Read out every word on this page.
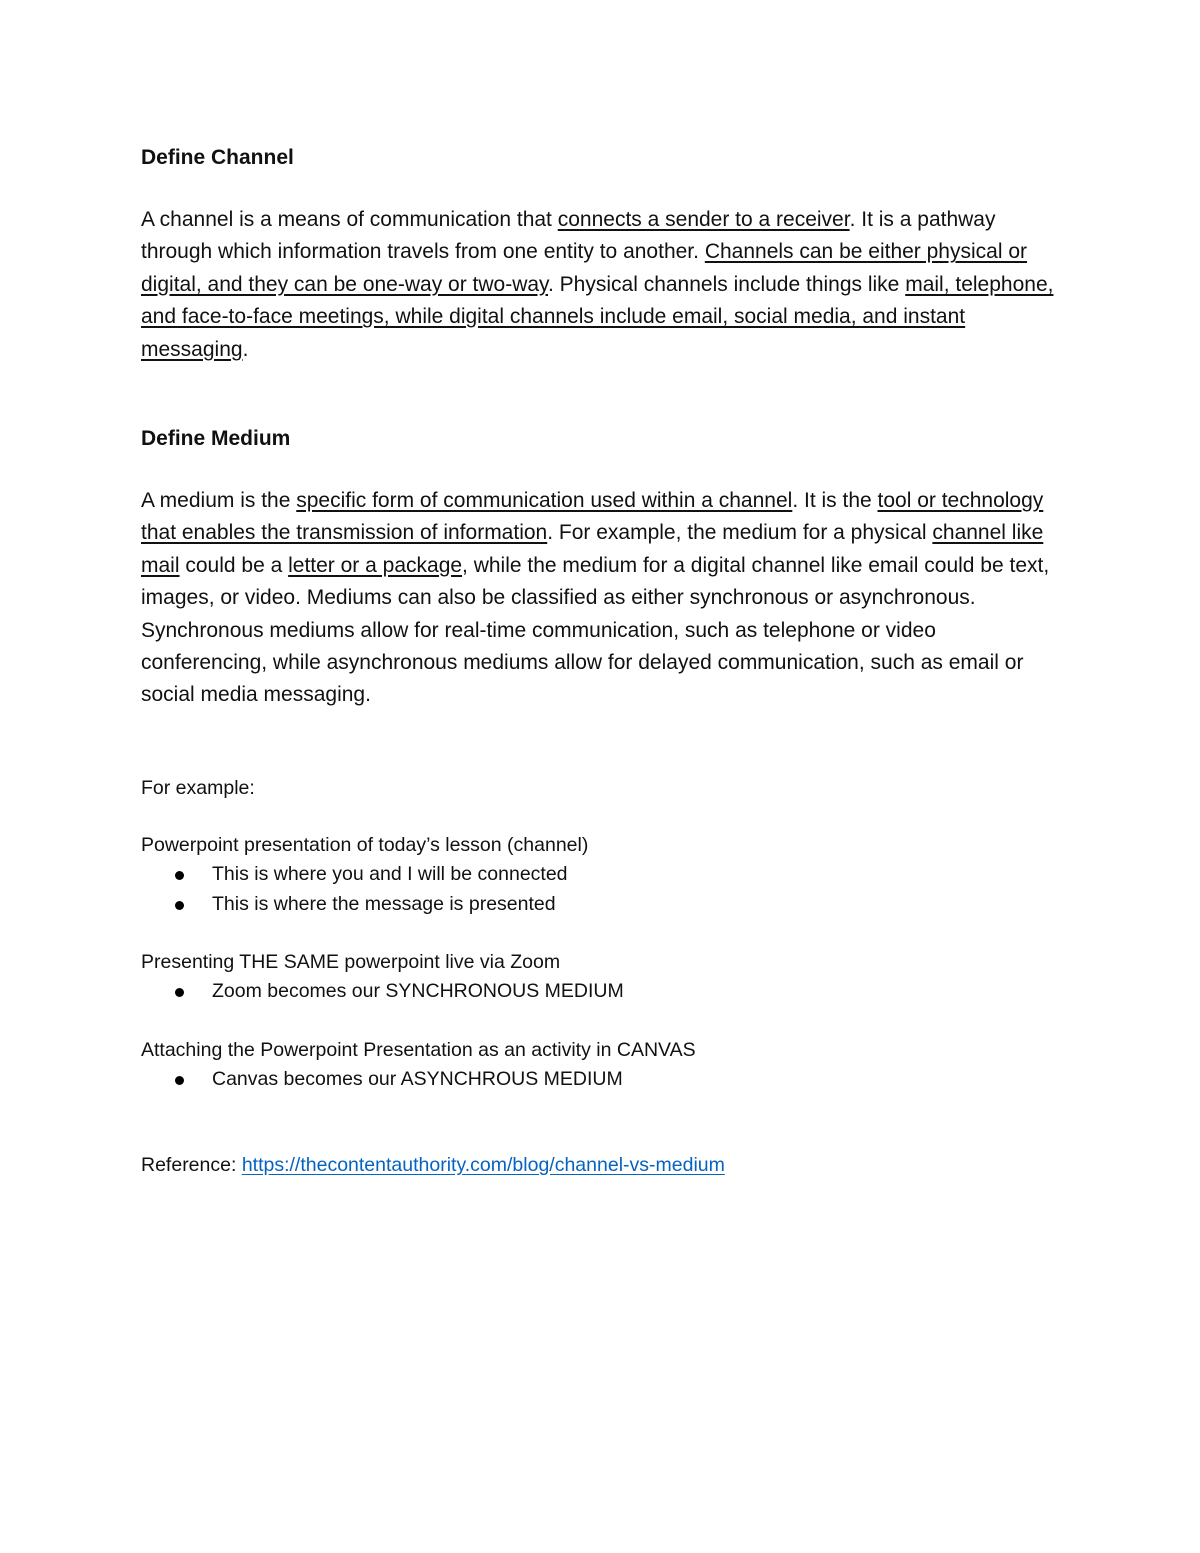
Define Channel

A channel is a means of communication that connects a sender to a receiver. It is a pathway through which information travels from one entity to another. Channels can be either physical or digital, and they can be one-way or two-way. Physical channels include things like mail, telephone, and face-to-face meetings, while digital channels include email, social media, and instant messaging.

Define Medium

A medium is the specific form of communication used within a channel. It is the tool or technology that enables the transmission of information. For example, the medium for a physical channel like mail could be a letter or a package, while the medium for a digital channel like email could be text, images, or video. Mediums can also be classified as either synchronous or asynchronous. Synchronous mediums allow for real-time communication, such as telephone or video conferencing, while asynchronous mediums allow for delayed communication, such as email or social media messaging.

For example:

Powerpoint presentation of today’s lesson (channel)

This is where you and I will be connected
This is where the message is presented

Presenting THE SAME powerpoint live via Zoom

Zoom becomes our SYNCHRONOUS MEDIUM

Attaching the Powerpoint Presentation as an activity in CANVAS

Canvas becomes our ASYNCHROUS MEDIUM

Reference: https://thecontentauthority.com/blog/channel-vs-medium
